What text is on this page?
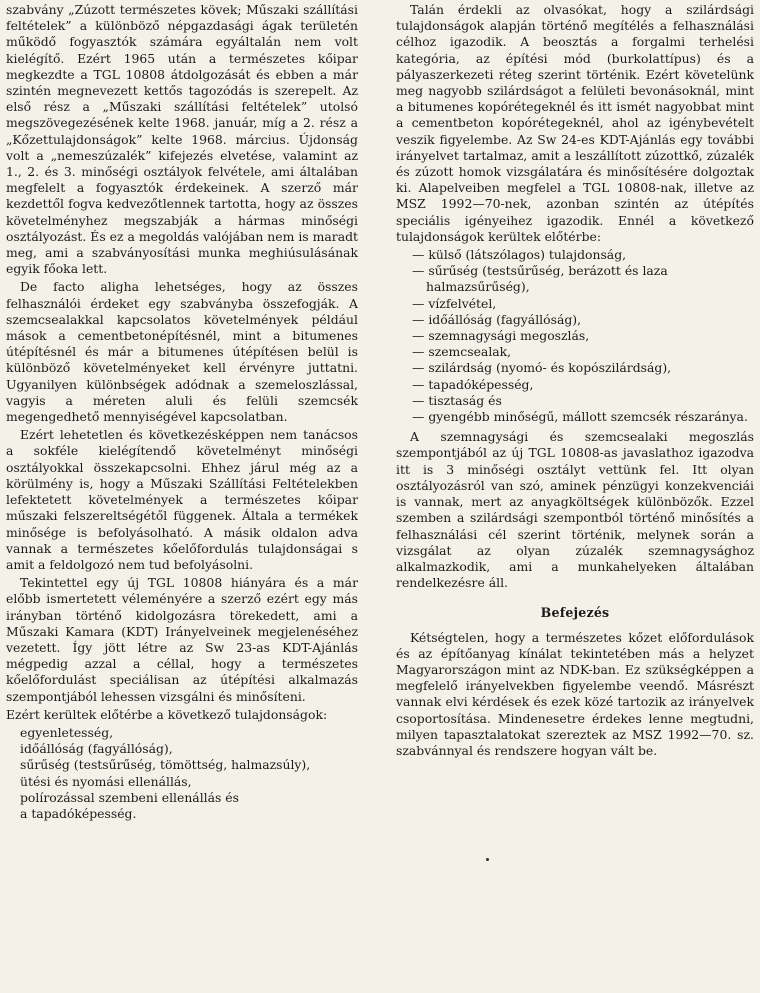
szabvány „Zúzott természetes kövek; Műszaki szállítási feltételek” a különböző népgazdasági ágak területén működő fogyasztók számára egyáltalán nem volt kielégítő. Ezért 1965 után a természetes kőipar megkezdte a TGL 10808 átdolgozását és ebben a már szintén megnevezett kettős tagozódás is szerepelt. Az első rész a „Műszaki szállítási feltételek” utolsó megszövegezésének kelte 1968. január, míg a 2. rész a „Kőzettulajdonságok” kelte 1968. március. Újdonság volt a „nemeszúzalék” kifejezés elvetése, valamint az 1., 2. és 3. minőségi osztályok felvétele, ami általában megfelelt a fogyasztók érdekeinek. A szerző már kezdettől fogva kedvezőtlennek tartotta, hogy az összes követelményhez megszabják a hármas minőségi osztályozást. És ez a megoldás valójában nem is maradt meg, ami a szabványosítási munka meghiúsulásának egyik főoka lett.

De facto aligha lehetséges, hogy az összes felhasználói érdeket egy szabványba összefogják. A szemcsealakkal kapcsolatos követelmények például mások a cementbetonépítésnél, mint a bitumenes útépítésnél és már a bitumenes útépítésen belül is különböző követelményeket kell érvényre juttatni. Ugyanilyen különbségek adódnak a szemeloszlással, vagyis a méreten aluli és felüli szemcsék megengedhető mennyiségével kapcsolatban.

Ezért lehetetlen és következésképpen nem tanácsos a sokféle kielégítendő követelményt minőségi osztályokkal összekapcsolni. Ehhez járul még az a körülmény is, hogy a Műszaki Szállítási Feltételekben lefektetett követelmények a természetes kőipar műszaki felszereltségétől függenek. Általa a termékek minősége is befolyásolható. A másik oldalon adva vannak a természetes kőelőfordulás tulajdonságai s amit a feldolgozó nem tud befolyásolni.

Tekintettel egy új TGL 10808 hiányára és a már előbb ismertetett véleményére a szerző ezért egy más irányban történő kidolgozásra törekedett, ami a Műszaki Kamara (KDT) Irányelveinek megjelenéséhez vezetett. Így jött létre az Sw 23-as KDT-Ajánlás mégpedig azzal a céllal, hogy a természetes kőelőfordulást speciálisan az útépítési alkalmazás szempontjából lehessen vizsgálni és minősíteni.

Ezért kerültek előtérbe a következő tulajdonságok:

egyenletesség,
időállóság (fagyállóság),
sűrűség (testsűrűség, tömöttség, halmazsúly),
ütési és nyomási ellenállás,
polírozással szembeni ellenállás és
a tapadóképesség.

Talán érdekli az olvasókat, hogy a szilárdsági tulajdonságok alapján történő megítélés a felhasználási célhoz igazodik. A beosztás a forgalmi terhelési kategória, az építési mód (burkolattípus) és a pályaszerkezeti réteg szerint történik. Ezért követelünk meg nagyobb szilárdságot a felületi bevonásoknál, mint a bitumenes kopórétegeknél és itt ismét nagyobbat mint a cementbeton kopórétegeknél, ahol az igénybevételt veszik figyelembe. Az Sw 24-es KDT-Ajánlás egy további irányelvet tartalmaz, amit a leszállított zúzottkő, zúzalék és zúzott homok vizsgálatára és minősítésére dolgoztak ki. Alapelveiben megfelel a TGL 10808-nak, illetve az MSZ 1992—70-nek, azonban szintén az útépítés speciális igényeihez igazodik. Ennél a következő tulajdonságok kerültek előtérbe:

— külső (látszólagos) tulajdonság,
— sűrűség (testsűrűség, berázott és laza halmazsűrűség),
— vízfelvétel,
— időállóság (fagyállóság),
— szemnagysági megoszlás,
— szemcsealak,
— szilárdság (nyomó- és kopószilárdság),
— tapadóképesség,
— tisztaság és
— gyengébb minőségű, mállott szemcsék részaránya.

A szemnagysági és szemcsealaki megoszlás szempontjából az új TGL 10808-as javaslathoz igazodva itt is 3 minőségi osztályt vettünk fel. Itt olyan osztályozásról van szó, aminek pénzügyi konzekvenciái is vannak, mert az anyagköltségek különbözők. Ezzel szemben a szilárdsági szempontból történő minősítés a felhasználási cél szerint történik, melynek során a vizsgálat az olyan zúzalék szemnagysághoz alkalmazkodik, ami a munkahelyeken általában rendelkezésre áll.

Befejezés

Kétségtelen, hogy a természetes kőzet előfordulások és az építőanyag kínálat tekintetében más a helyzet Magyarországon mint az NDK-ban. Ez szükségképpen a megfelelő irányelvekben figyelembe veendő. Másrészt vannak elvi kérdések és ezek közé tartozik az irányelvek csoportosítása. Mindenesetre érdekes lenne megtudni, milyen tapasztalatokat szereztek az MSZ 1992—70. sz. szabvánnyal és rendszere hogyan vált be.
